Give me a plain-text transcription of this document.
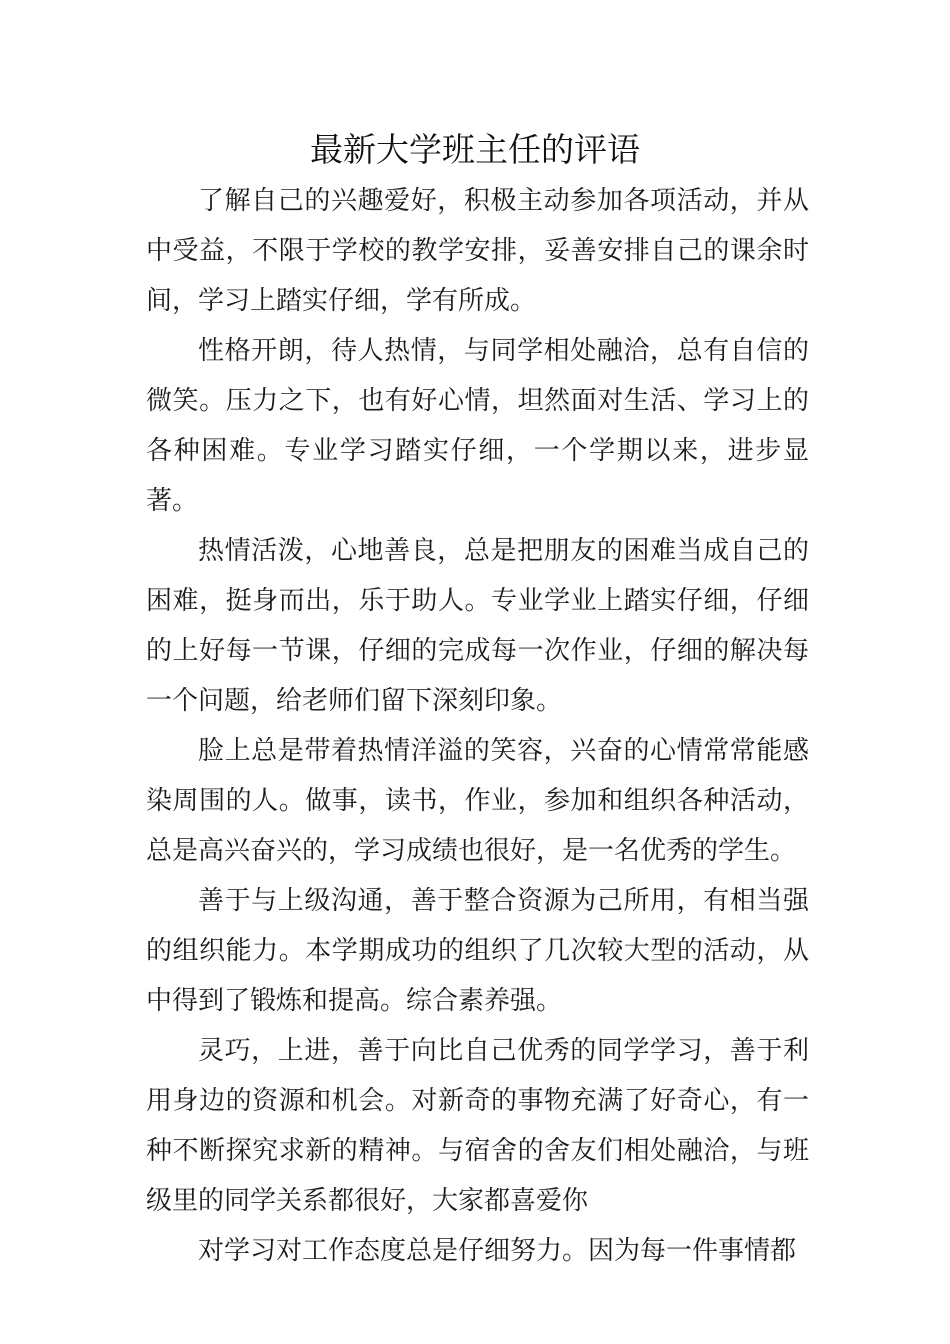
最新大学班主任的评语

了解自己的兴趣爱好，积极主动参加各项活动，并从中受益，不限于学校的教学安排，妥善安排自己的课余时间，学习上踏实仔细，学有所成。

性格开朗，待人热情，与同学相处融洽，总有自信的微笑。压力之下，也有好心情，坦然面对生活、学习上的各种困难。专业学习踏实仔细，一个学期以来，进步显著。

热情活泼，心地善良，总是把朋友的困难当成自己的困难，挺身而出，乐于助人。专业学业上踏实仔细，仔细的上好每一节课，仔细的完成每一次作业，仔细的解决每一个问题，给老师们留下深刻印象。

脸上总是带着热情洋溢的笑容，兴奋的心情常常能感染周围的人。做事，读书，作业，参加和组织各种活动，总是高兴奋兴的，学习成绩也很好，是一名优秀的学生。

善于与上级沟通，善于整合资源为己所用，有相当强的组织能力。本学期成功的组织了几次较大型的活动，从中得到了锻炼和提高。综合素养强。

灵巧，上进，善于向比自己优秀的同学学习，善于利用身边的资源和机会。对新奇的事物充满了好奇心，有一种不断探究求新的精神。与宿舍的舍友们相处融洽，与班级里的同学关系都很好，大家都喜爱你

对学习对工作态度总是仔细努力。因为每一件事情都
